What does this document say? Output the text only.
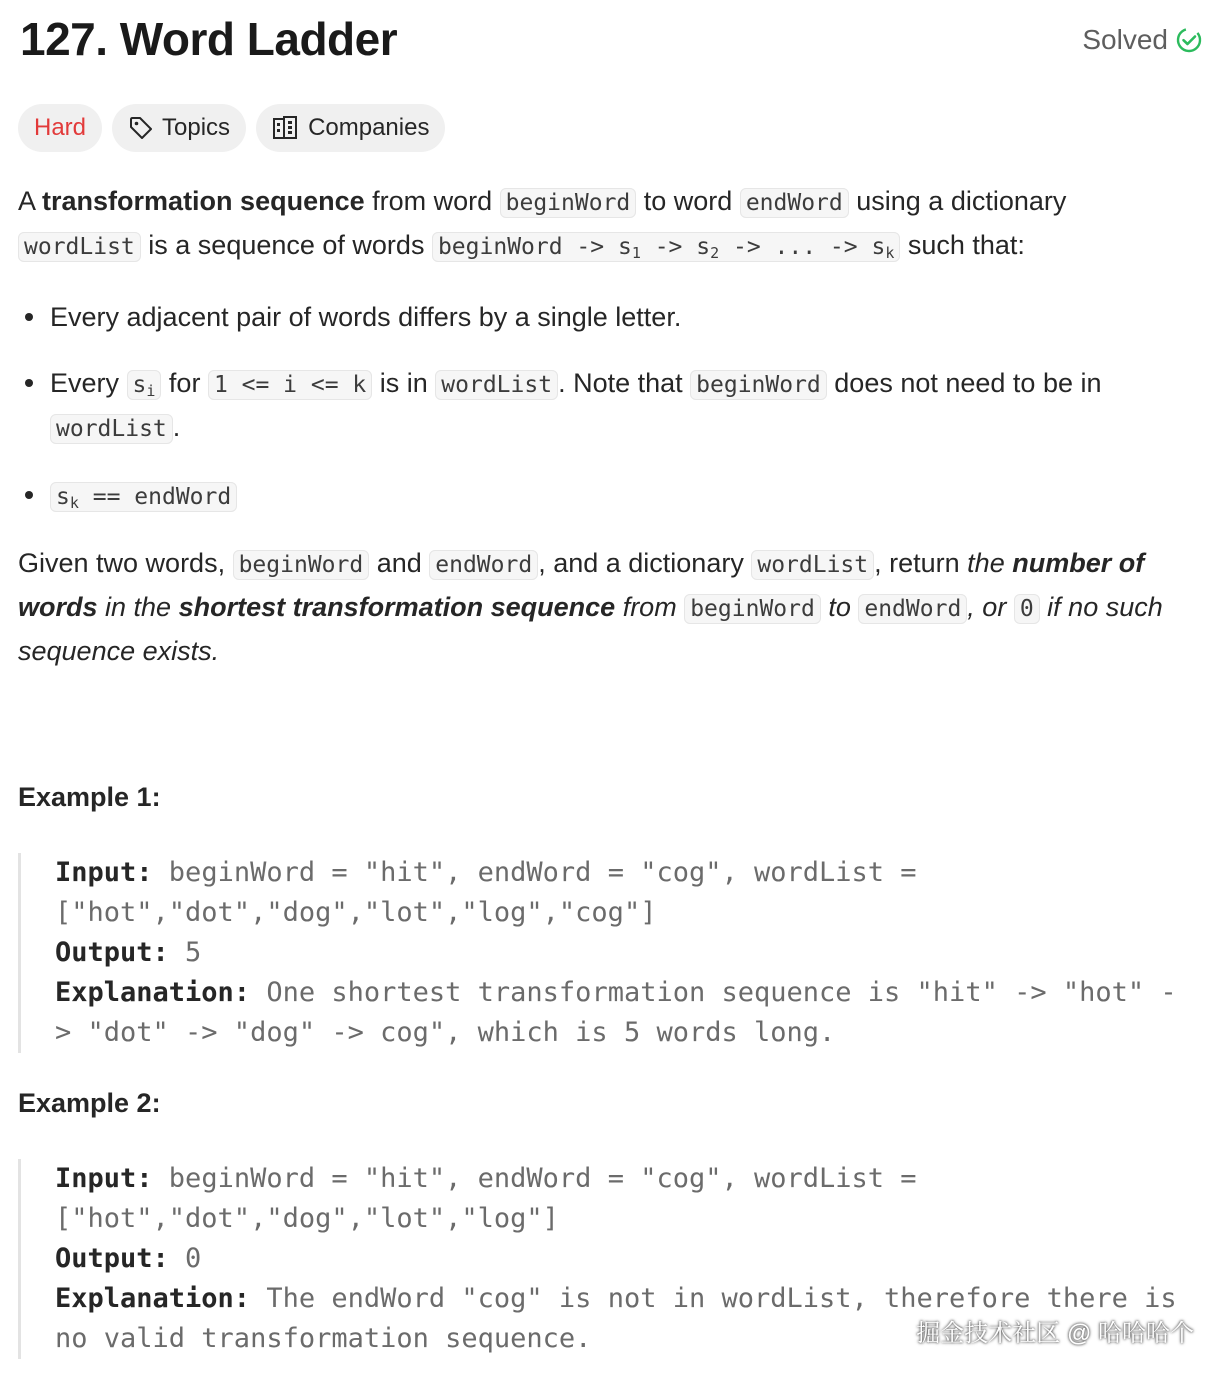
127. Word Ladder	Solved
Hard	Topics	Companies

A transformation sequence from word beginWord to word endWord using a dictionary wordList is a sequence of words beginWord -> $s_1 -> s_2$ -> ... -> $s_k$ such that:

Every adjacent pair of words differs by a single letter.
Every $s_i$ for 1 <= i <= k is in wordList . Note that beginWord does not need to be in wordList .
$s_k$ == endWord

Given two words, beginWord and endWord , and a dictionary wordList , return the number of words in the shortest transformation sequence from beginWord to endWord , or 0 if no such sequence exists.

Example 1:
Input: beginWord = "hit", endWord = "cog", wordList = ["hot","dot","dog","lot","log","cog"]
Output: 5
Explanation: One shortest transformation sequence is "hit" -> "hot" -> "dot" -> "dog" -> cog", which is 5 words long.
Example 2:
Input: beginWord = "hit", endWord = "cog", wordList = ["hot","dot","dog","lot","log"]
Output: 0
Explanation: The endWord "cog" is not in wordList, therefore there is no valid transformation sequence.	掘金技术社区 @ 哈哈哈个
